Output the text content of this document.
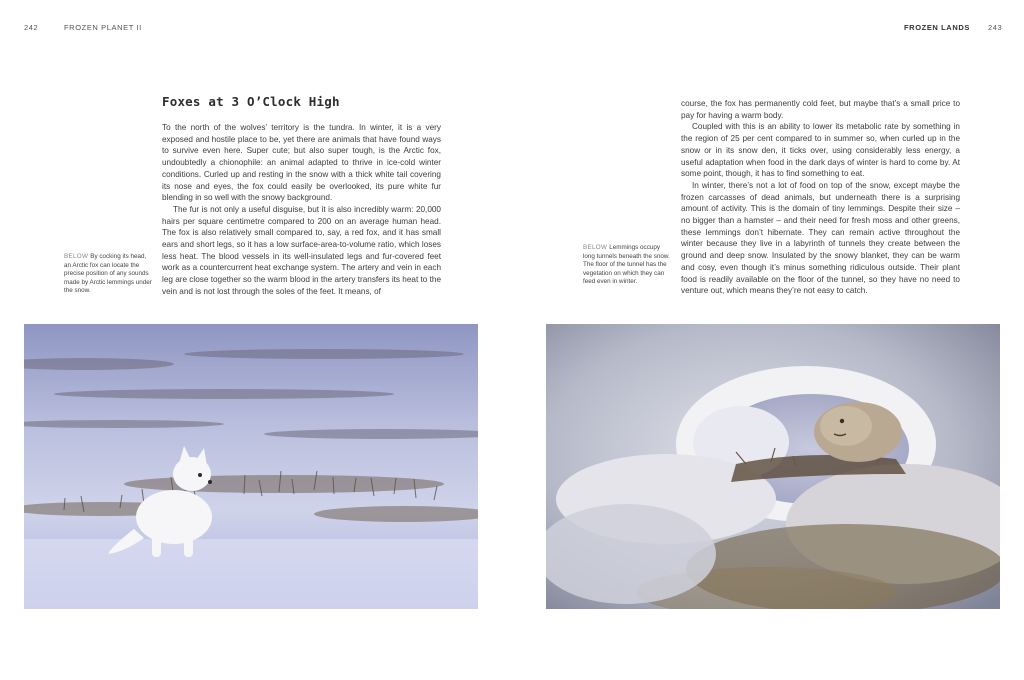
242	FROZEN PLANET II	FROZEN LANDS 243
Foxes at 3 O’Clock High
BELOW By cocking its head, an Arctic fox can locate the precise position of any sounds made by Arctic lemmings under the snow.

To the north of the wolves’ territory is the tundra. In winter, it is a very exposed and hostile place to be, yet there are animals that have found ways to survive even here. Super cute; but also super tough, is the Arctic fox, undoubtedly a chionophile: an animal adapted to thrive in ice-cold winter conditions. Curled up and resting in the snow with a thick white tail covering its nose and eyes, the fox could easily be overlooked, its pure white fur blending in so well with the snowy background.

The fur is not only a useful disguise, but it is also incredibly warm: 20,000 hairs per square centimetre compared to 200 on an average human head. The fox is also relatively small compared to, say, a red fox, and it has small ears and short legs, so it has a low surface-area-to-volume ratio, which loses less heat. The blood vessels in its well-insulated legs and fur-covered feet work as a countercurrent heat exchange system. The artery and vein in each leg are close together so the warm blood in the artery transfers its heat to the vein and is not lost through the soles of the feet. It means, of

BELOW Lemmings occupy long tunnels beneath the snow. The floor of the tunnel has the vegetation on which they can feed even in winter.

course, the fox has permanently cold feet, but maybe that’s a small price to pay for having a warm body.

Coupled with this is an ability to lower its metabolic rate by something in the region of 25 per cent compared to in summer so, when curled up in the snow or in its snow den, it ticks over, using considerably less energy, a useful adaptation when food in the dark days of winter is hard to come by. At some point, though, it has to find something to eat.

In winter, there’s not a lot of food on top of the snow, except maybe the frozen carcasses of dead animals, but underneath there is a surprising amount of activity. This is the domain of tiny lemmings. Despite their size – no bigger than a hamster – and their need for fresh moss and other greens, these lemmings don’t hibernate. They can remain active throughout the winter because they live in a labyrinth of tunnels they create between the ground and deep snow. Insulated by the snowy blanket, they can be warm and cosy, even though it’s minus something ridiculous outside. Their plant food is readily available on the floor of the tunnel, so they have no need to venture out, which means they’re not easy to catch.
